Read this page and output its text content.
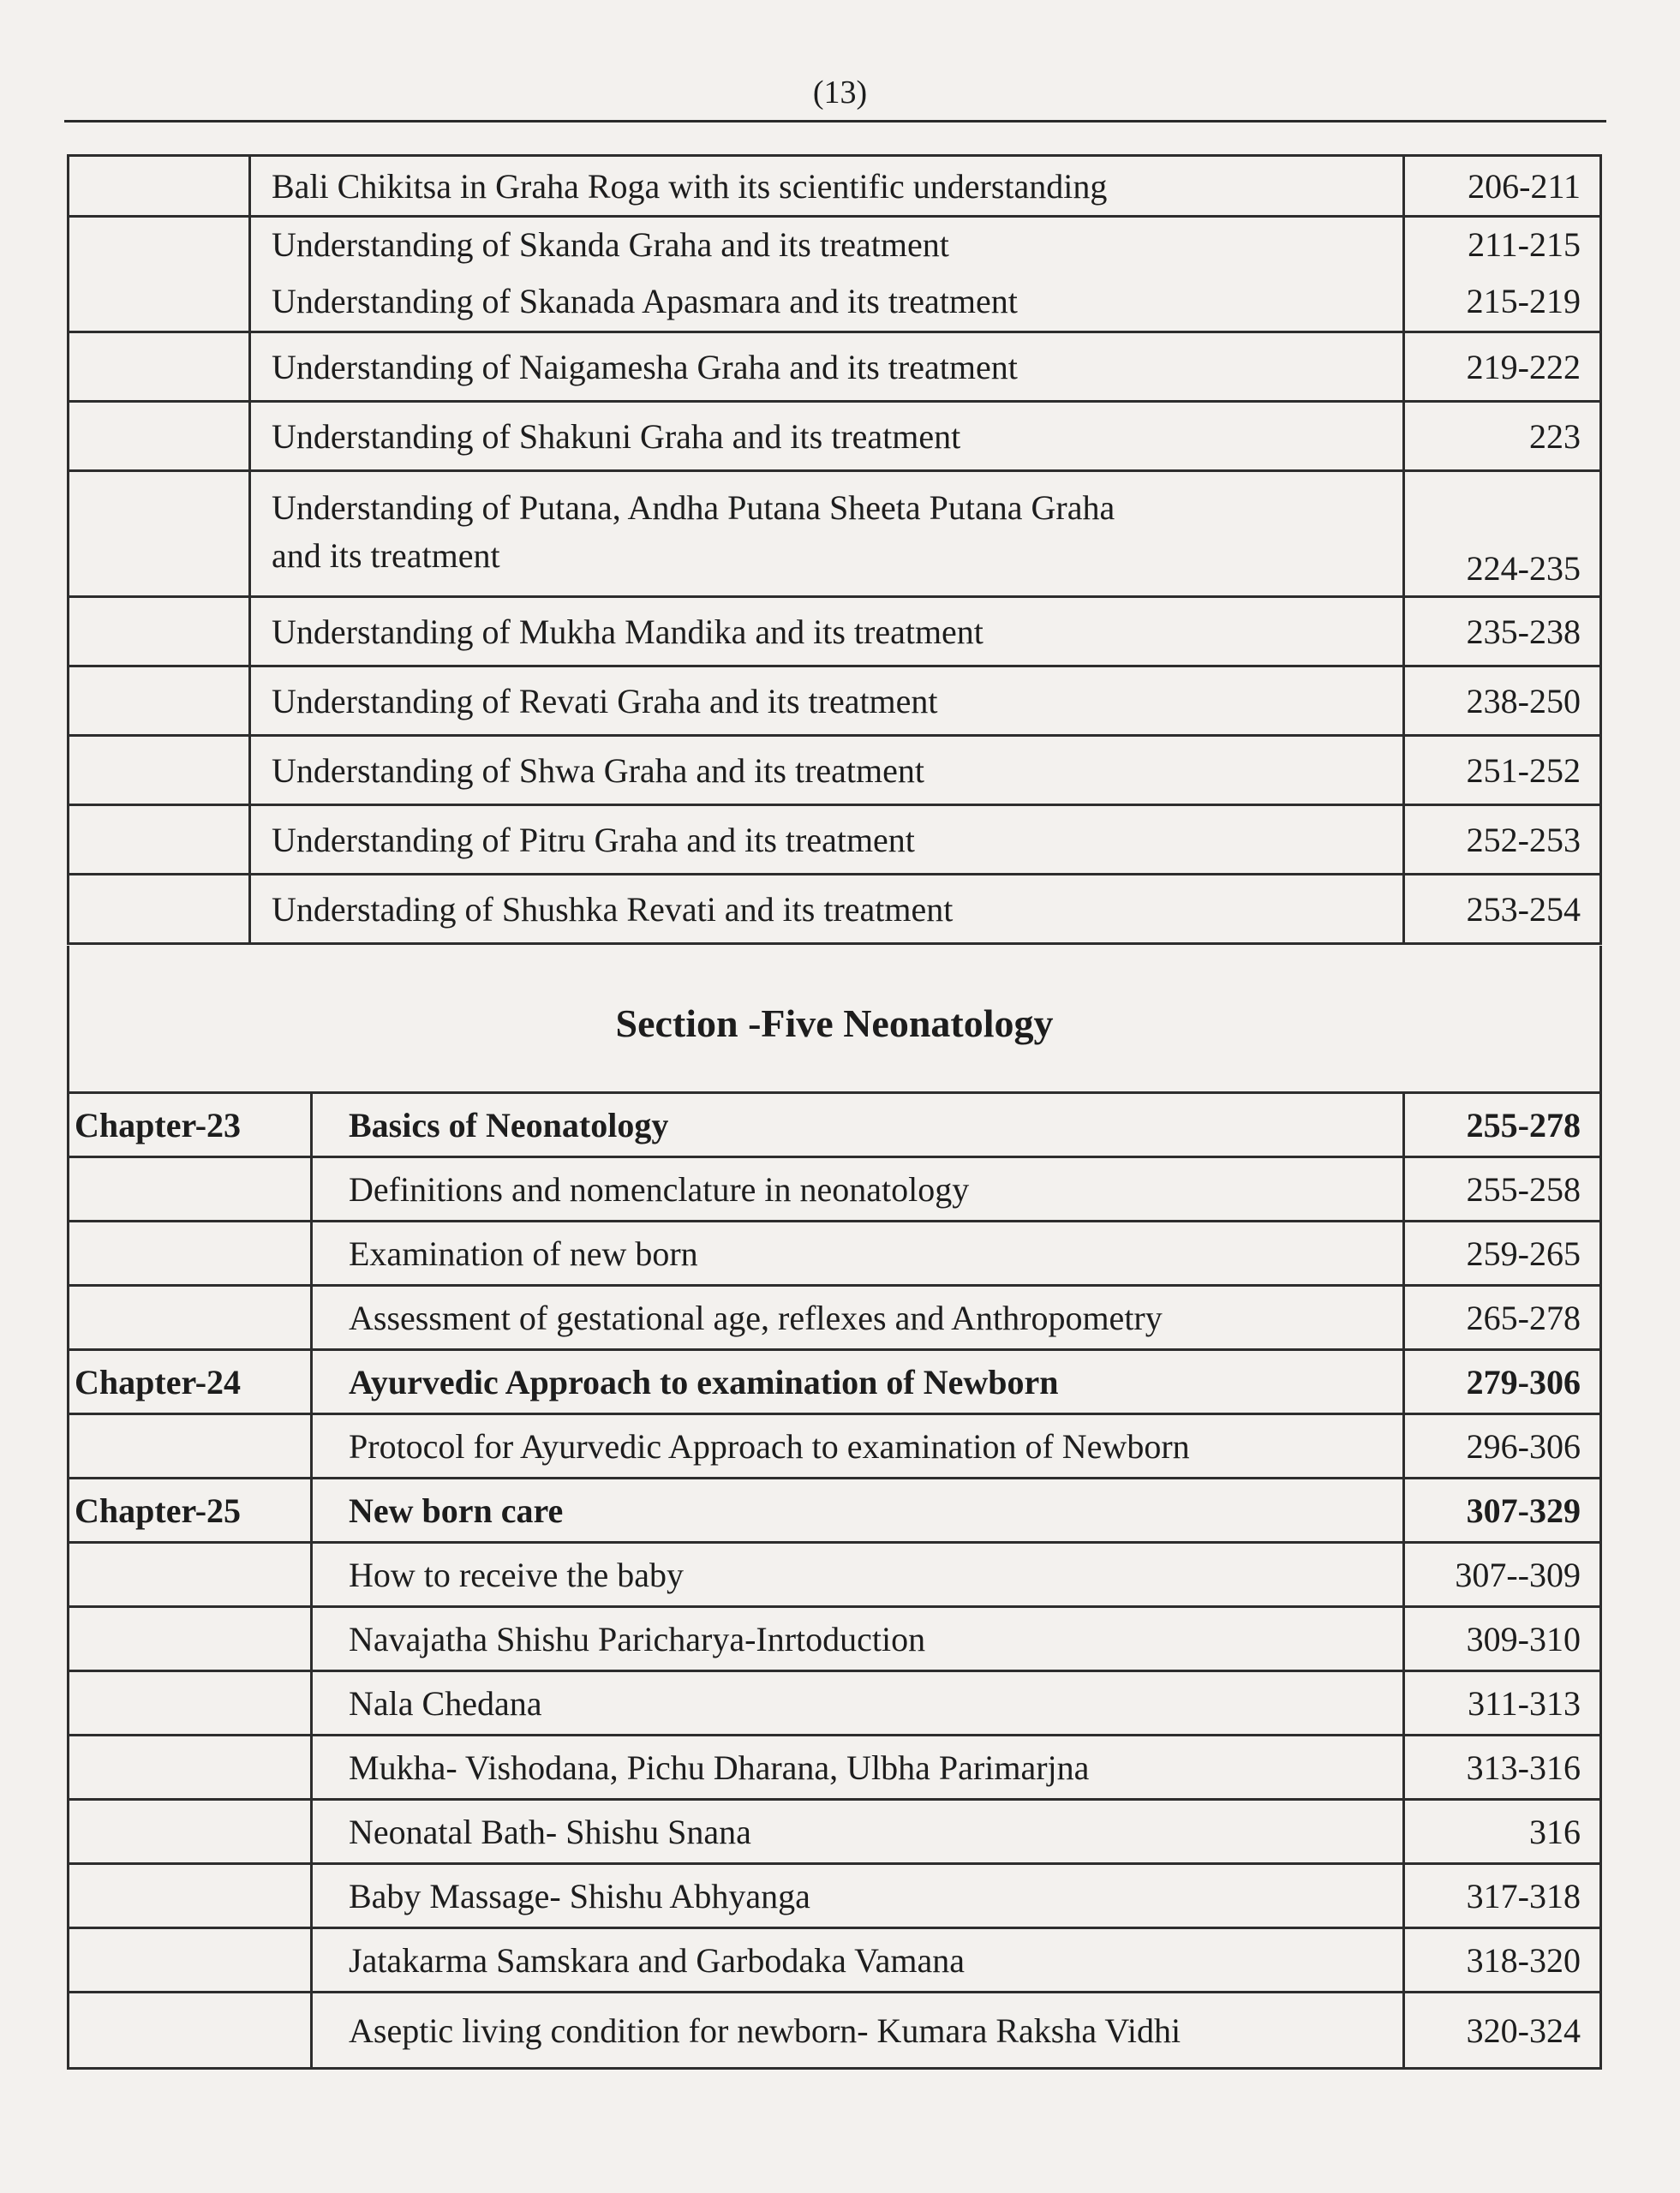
(13)
	Bali Chikitsa in Graha Roga with its scientific understanding	206-211
	Understanding of Skanda Graha and its treatment	211-215
	Understanding of Skanada Apasmara and its treatment	215-219
	Understanding of Naigamesha Graha and its treatment	219-222
	Understanding of Shakuni Graha and its treatment	223

	Understanding of Putana, Andha Putana Sheeta Putana Graha
and its treatment	224-235
	Understanding of Mukha Mandika and its treatment	235-238
	Understanding of Revati Graha and its treatment	238-250
	Understanding of Shwa Graha and its treatment	251-252
	Understanding of Pitru Graha and its treatment	252-253
	Understading of Shushka Revati and its treatment	253-254
Section -Five Neonatology
Chapter-23	Basics of Neonatology	255-278
	Definitions and nomenclature in neonatology	255-258
	Examination of new born	259-265
	Assessment of gestational age, reflexes and Anthropometry	265-278
Chapter-24	Ayurvedic Approach to examination of Newborn	279-306
	Protocol for Ayurvedic Approach to examination of Newborn	296-306
Chapter-25	New born care	307-329
	How to receive the baby	307--309
	Navajatha Shishu Paricharya-Inrtoduction	309-310
	Nala Chedana	311-313
	Mukha- Vishodana, Pichu Dharana, Ulbha Parimarjna	313-316
	Neonatal Bath- Shishu Snana	316
	Baby Massage- Shishu Abhyanga	317-318
	Jatakarma Samskara and Garbodaka Vamana	318-320
	Aseptic living condition for newborn- Kumara Raksha Vidhi	320-324
